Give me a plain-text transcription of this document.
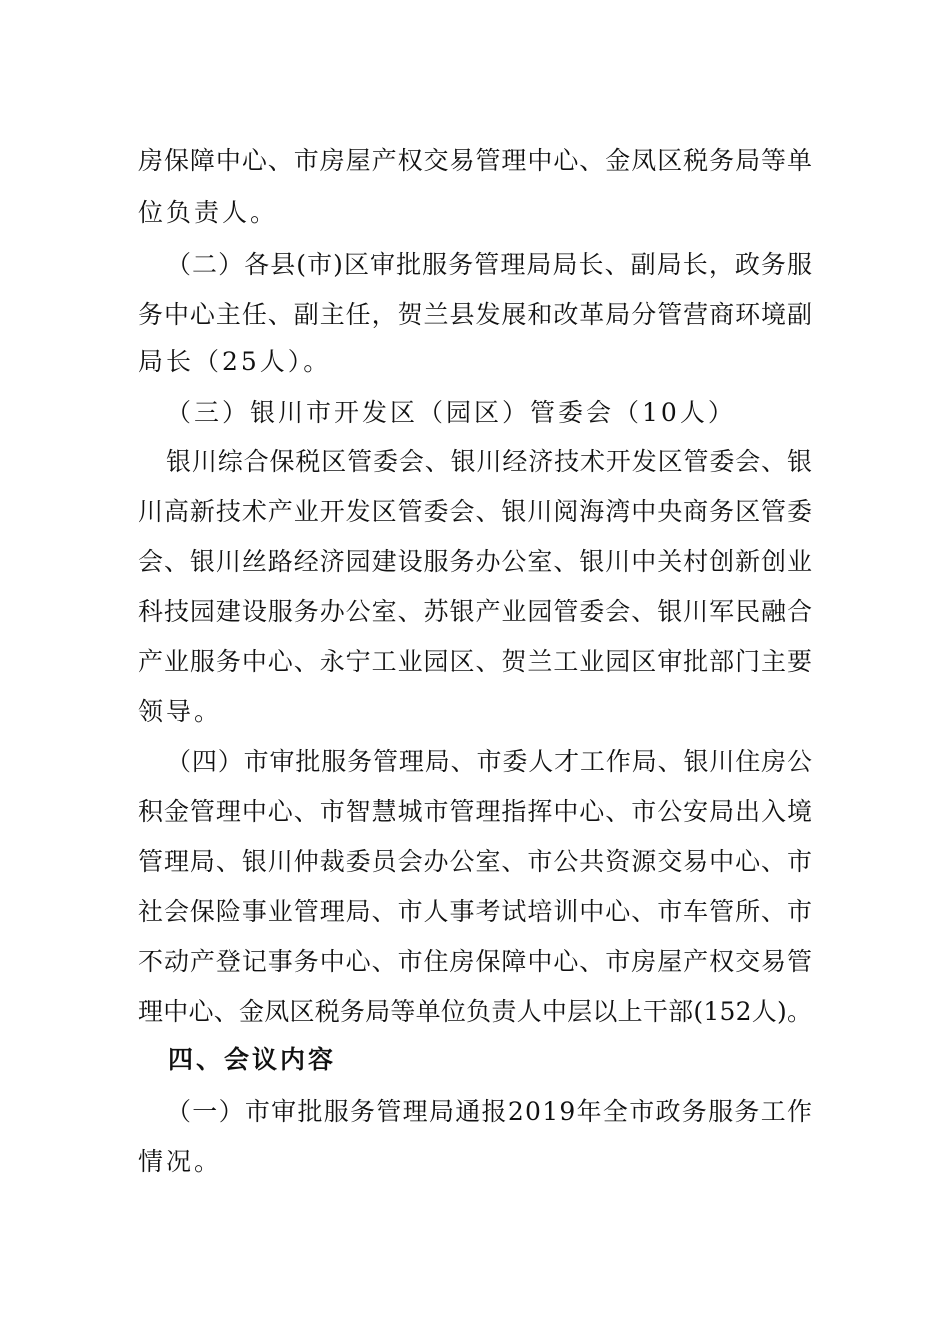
房保障中心、市房屋产权交易管理中心、金凤区税务局等单
位负责人。
（二）各县(市)区审批服务管理局局长、副局长，政务服
务中心主任、副主任，贺兰县发展和改革局分管营商环境副
局长（25人）。
（三）银川市开发区（园区）管委会（10人）
银川综合保税区管委会、银川经济技术开发区管委会、银
川高新技术产业开发区管委会、银川阅海湾中央商务区管委
会、银川丝路经济园建设服务办公室、银川中关村创新创业
科技园建设服务办公室、苏银产业园管委会、银川军民融合
产业服务中心、永宁工业园区、贺兰工业园区审批部门主要
领导。
（四）市审批服务管理局、市委人才工作局、银川住房公
积金管理中心、市智慧城市管理指挥中心、市公安局出入境
管理局、银川仲裁委员会办公室、市公共资源交易中心、市
社会保险事业管理局、市人事考试培训中心、市车管所、市
不动产登记事务中心、市住房保障中心、市房屋产权交易管
理中心、金凤区税务局等单位负责人中层以上干部(152人)。
四、会议内容
（一）市审批服务管理局通报2019年全市政务服务工作
情况。
